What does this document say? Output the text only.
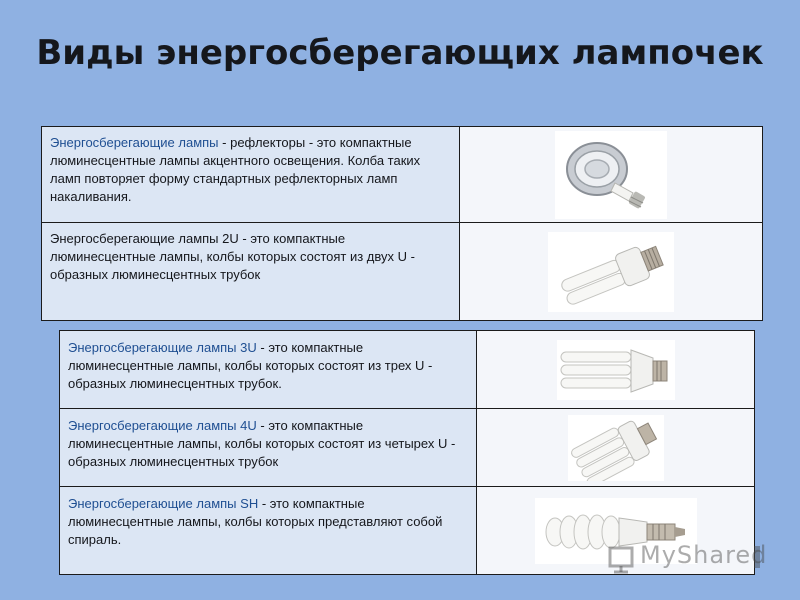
Виды энергосберегающих лампочек
Энергосберегающие лампы - рефлекторы - это компактные люминесцентные лампы акцентного освещения. Колба таких ламп повторяет форму стандартных рефлекторных ламп накаливания.	

Энергосберегающие лампы 2U - это компактные люминесцентные лампы, колбы которых состоят из двух U - образных люминесцентных трубок	
Энергосберегающие лампы 3U - это компактные люминесцентные лампы, колбы которых состоят из трех U - образных люминесцентных трубок.	

Энергосберегающие лампы 4U - это компактные люминесцентные лампы, колбы которых состоят из четырех U - образных люминесцентных трубок	

Энергосберегающие лампы SH - это компактные люминесцентные лампы, колбы которых представляют собой спираль.	
MyShared
